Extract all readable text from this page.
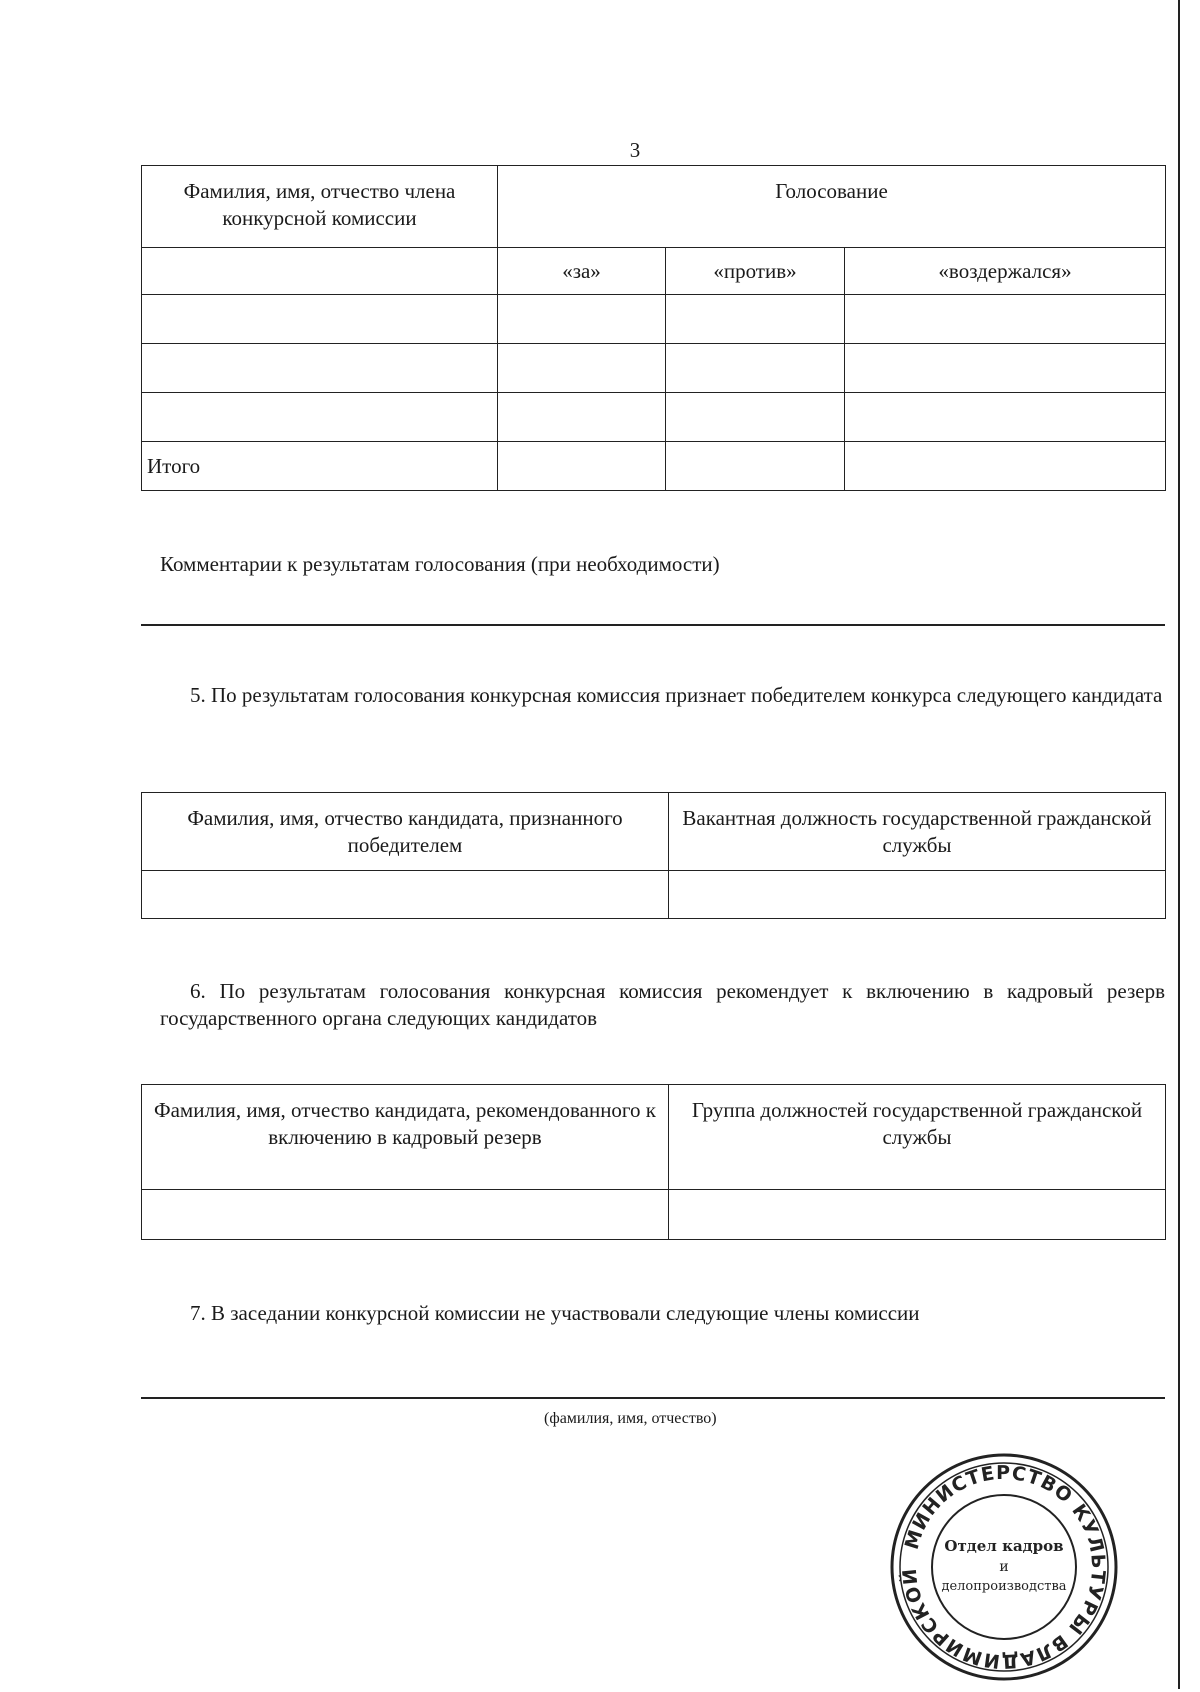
3
Фамилия, имя, отчество члена конкурсной комиссии	Голосование		
	«за»	«против»	«воздержался»

Итого			
Комментарии к результатам голосования (при необходимости)
5. По результатам голосования конкурсная комиссия признает победителем конкурса следующего кандидата
Фамилия, имя, отчество кандидата, признанного победителем	Вакантная должность государственной гражданской службы

6. По результатам голосования конкурсная комиссия рекомендует к включению в кадровый резерв государственного органа следующих кандидатов
Фамилия, имя, отчество кандидата, рекомендованного к включению в кадровый резерв	Группа должностей государственной гражданской службы

7. В заседании конкурсной комиссии не участвовали следующие члены комиссии
(фамилия, имя, отчество)
МИНИСТЕРСТВО КУЛЬТУРЫ ВЛАДИМИРСКОЙ
Отдел кадров
и
делопроизводства
